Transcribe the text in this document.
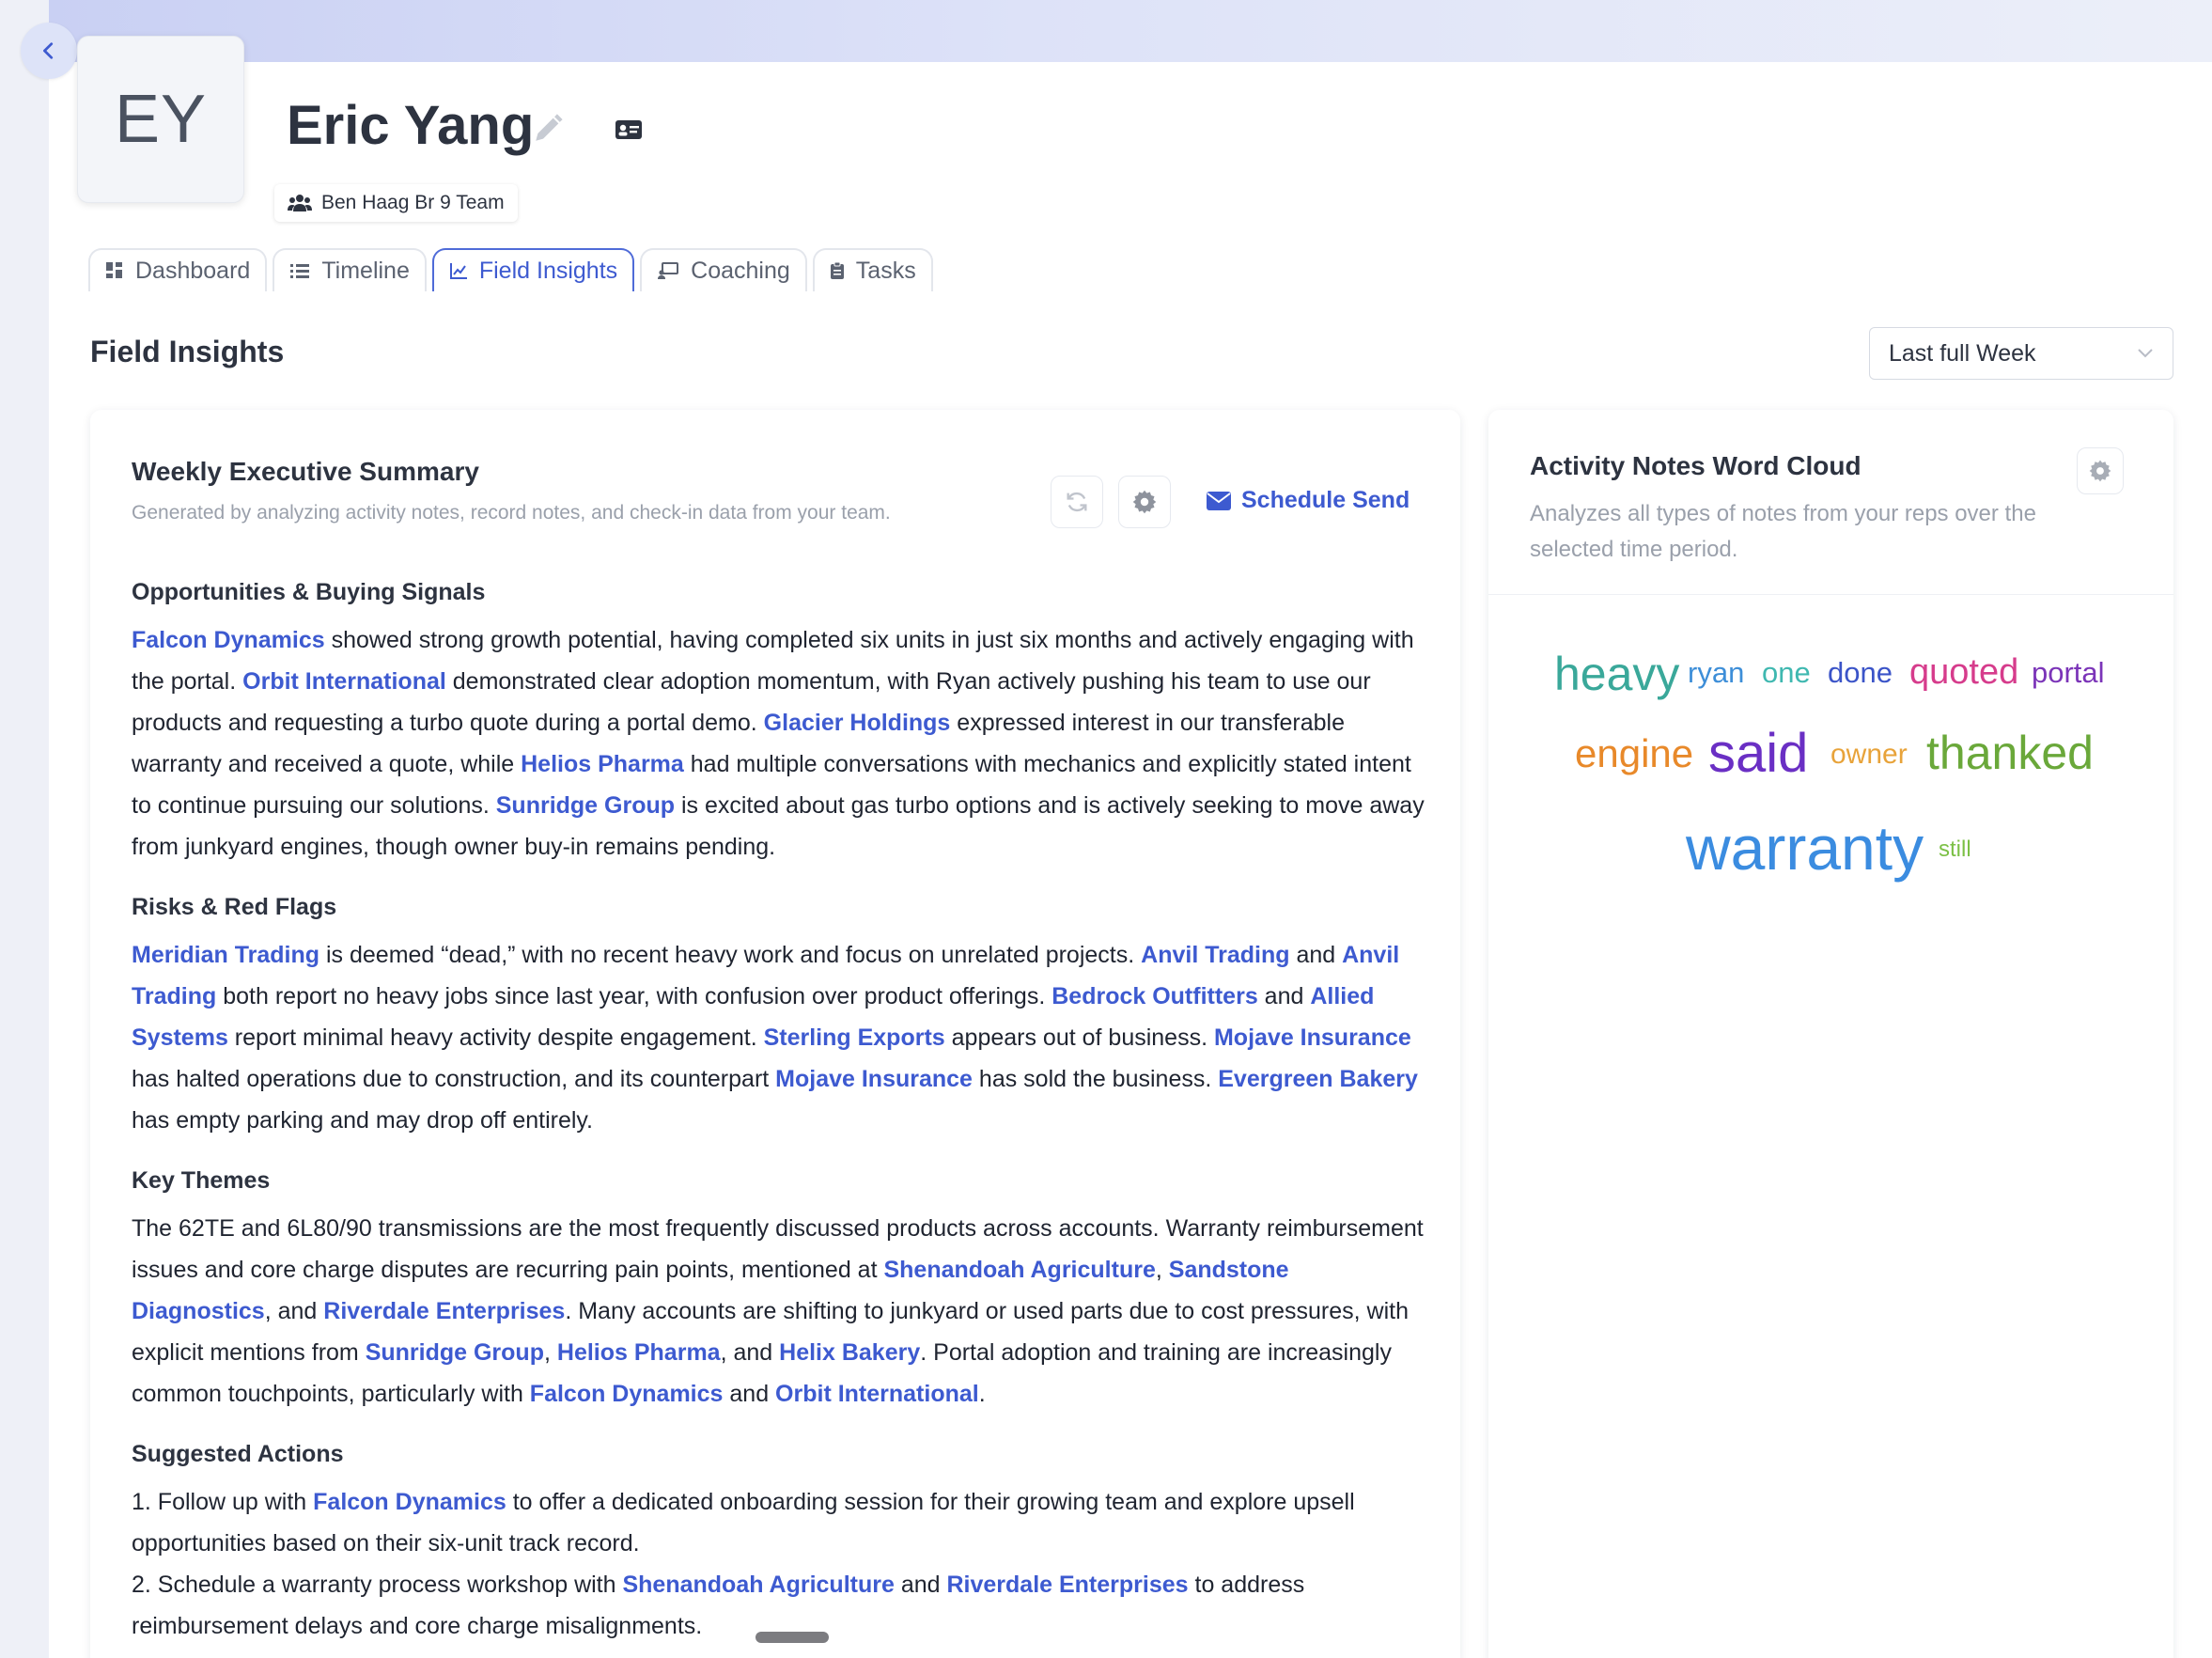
EY	Eric Yang
Ben Haag Br 9 Team
Dashboard	Timeline	Field Insights	Coaching	Tasks
Field Insights	Last full Week
Weekly Executive Summary
Generated by analyzing activity notes, record notes, and check-in data from your team.	Schedule Send
Opportunities & Buying Signals
Falcon Dynamics showed strong growth potential, having completed six units in just six months and actively engaging with the portal. Orbit International demonstrated clear adoption momentum, with Ryan actively pushing his team to use our products and requesting a turbo quote during a portal demo. Glacier Holdings expressed interest in our transferable warranty and received a quote, while Helios Pharma had multiple conversations with mechanics and explicitly stated intent to continue pursuing our solutions. Sunridge Group is excited about gas turbo options and is actively seeking to move away from junkyard engines, though owner buy-in remains pending.
Risks & Red Flags
Meridian Trading is deemed “dead,” with no recent heavy work and focus on unrelated projects. Anvil Trading and Anvil Trading both report no heavy jobs since last year, with confusion over product offerings. Bedrock Outfitters and Allied Systems report minimal heavy activity despite engagement. Sterling Exports appears out of business. Mojave Insurance has halted operations due to construction, and its counterpart Mojave Insurance has sold the business. Evergreen Bakery has empty parking and may drop off entirely.
Key Themes
The 62TE and 6L80/90 transmissions are the most frequently discussed products across accounts. Warranty reimbursement issues and core charge disputes are recurring pain points, mentioned at Shenandoah Agriculture, Sandstone Diagnostics, and Riverdale Enterprises. Many accounts are shifting to junkyard or used parts due to cost pressures, with explicit mentions from Sunridge Group, Helios Pharma, and Helix Bakery. Portal adoption and training are increasingly common touchpoints, particularly with Falcon Dynamics and Orbit International.
Suggested Actions
1. Follow up with Falcon Dynamics to offer a dedicated onboarding session for their growing team and explore upsell opportunities based on their six-unit track record.
2. Schedule a warranty process workshop with Shenandoah Agriculture and Riverdale Enterprises to address reimbursement delays and core charge misalignments.
Activity Notes Word Cloud
Analyzes all types of notes from your reps over the selected time period.
heavy ryan one done quoted portal
engine said owner thanked
warranty still
